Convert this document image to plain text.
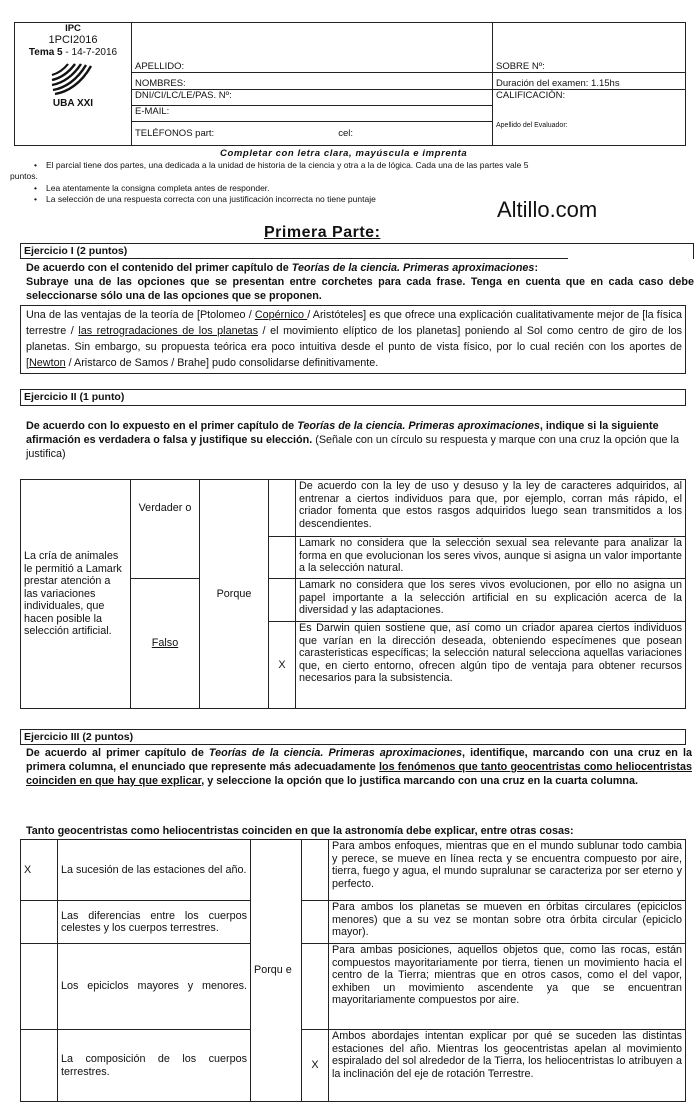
IPC
1PCI2016
Tema 5 - 14-7-2016
UBA XXI	APELLIDO:	SOBRE Nº:
	NOMBRES:	Duración del examen: 1.15hs
	DNI/CI/LC/LE/PAS. Nº:	CALIFICACIÓN:
	E-MAIL:	Apellido del Evaluador:
	TELÉFONOS part: cel:	
Completar con letra clara, mayúscula e imprenta
• El parcial tiene dos partes, una dedicada a la unidad de historia de la ciencia y otra a la de lógica. Cada una de las partes vale 5
puntos.
• Lea atentamente la consigna completa antes de responder.
• La selección de una respuesta correcta con una justificación incorrecta no tiene puntaje	Altillo.com
Primera Parte:
Ejercicio I (2 puntos)
De acuerdo con el contenido del primer capítulo de Teorías de la ciencia. Primeras aproximaciones:
Subraye una de las opciones que se presentan entre corchetes para cada frase. Tenga en cuenta que en cada caso debe seleccionarse sólo una de las opciones que se proponen.
Una de las ventajas de la teoría de [Ptolomeo / Copérnico / Aristóteles] es que ofrece una explicación cualitativamente mejor de [la física terrestre / las retrogradaciones de los planetas / el movimiento elíptico de los planetas] poniendo al Sol como centro de giro de los planetas. Sin embargo, su propuesta teórica era poco intuitiva desde el punto de vista físico, por lo cual recién con los aportes de [Newton / Aristarco de Samos / Brahe] pudo consolidarse definitivamente.
Ejercicio II (1 punto)
De acuerdo con lo expuesto en el primer capítulo de Teorías de la ciencia. Primeras aproximaciones, indique si la siguiente afirmación es verdadera o falsa y justifique su elección. (Señale con un círculo su respuesta y marque con una cruz la opción que la justifica)
La cría de animales le permitió a Lamark prestar atención a las variaciones individuales, que hacen posible la selección artificial.	Verdader o	Porque		De acuerdo con la ley de uso y desuso y la ley de caracteres adquiridos, al entrenar a ciertos individuos para que, por ejemplo, corran más rápido, el criador fomenta que estos rasgos adquiridos luego sean transmitidos a los descendientes.
				Lamark no considera que la selección sexual sea relevante para analizar la forma en que evolucionan los seres vivos, aunque si asigna un valor importante a la selección natural.
	Falso			Lamark no considera que los seres vivos evolucionen, por ello no asigna un papel importante a la selección artificial en su explicación acerca de la diversidad y las adaptaciones.
			X	Es Darwin quien sostiene que, así como un criador aparea ciertos individuos que varían en la dirección deseada, obteniendo especímenes que posean carasteristicas específicas; la selección natural selecciona aquellas variaciones que, en cierto entorno, ofrecen algún tipo de ventaja para obtener recursos necesarios para la subsistencia.
Ejercicio III (2 puntos)
De acuerdo al primer capítulo de Teorías de la ciencia. Primeras aproximaciones, identifique, marcando con una cruz en la primera columna, el enunciado que represente más adecuadamente los fenómenos que tanto geocentristas como heliocentristas coinciden en que hay que explicar, y seleccione la opción que lo justifica marcando con una cruz en la cuarta columna.
Tanto geocentristas como heliocentristas coinciden en que la astronomía debe explicar, entre otras cosas:
X	La sucesión de las estaciones del año.	Porqu e		Para ambos enfoques, mientras que en el mundo sublunar todo cambia y perece, se mueve en línea recta y se encuentra compuesto por aire, tierra, fuego y agua, el mundo supralunar se caracteriza por ser eterno y perfecto.
	Las diferencias entre los cuerpos celestes y los cuerpos terrestres.			Para ambos los planetas se mueven en órbitas circulares (epiciclos menores) que a su vez se montan sobre otra órbita circular (epiciclo mayor).
	Los epiciclos mayores y menores.			Para ambas posiciones, aquellos objetos que, como las rocas, están compuestos mayoritariamente por tierra, tienen un movimiento hacia el centro de la Tierra; mientras que en otros casos, como el del vapor, exhiben un movimiento ascendente ya que se encuentran mayoritariamente compuestos por aire.
	La composición de los cuerpos terrestres.		X	Ambos abordajes intentan explicar por qué se suceden las distintas estaciones del año. Mientras los geocentristas apelan al movimiento espiralado del sol alrededor de la Tierra, los heliocentristas lo atribuyen a la inclinación del eje de rotación Terrestre.
